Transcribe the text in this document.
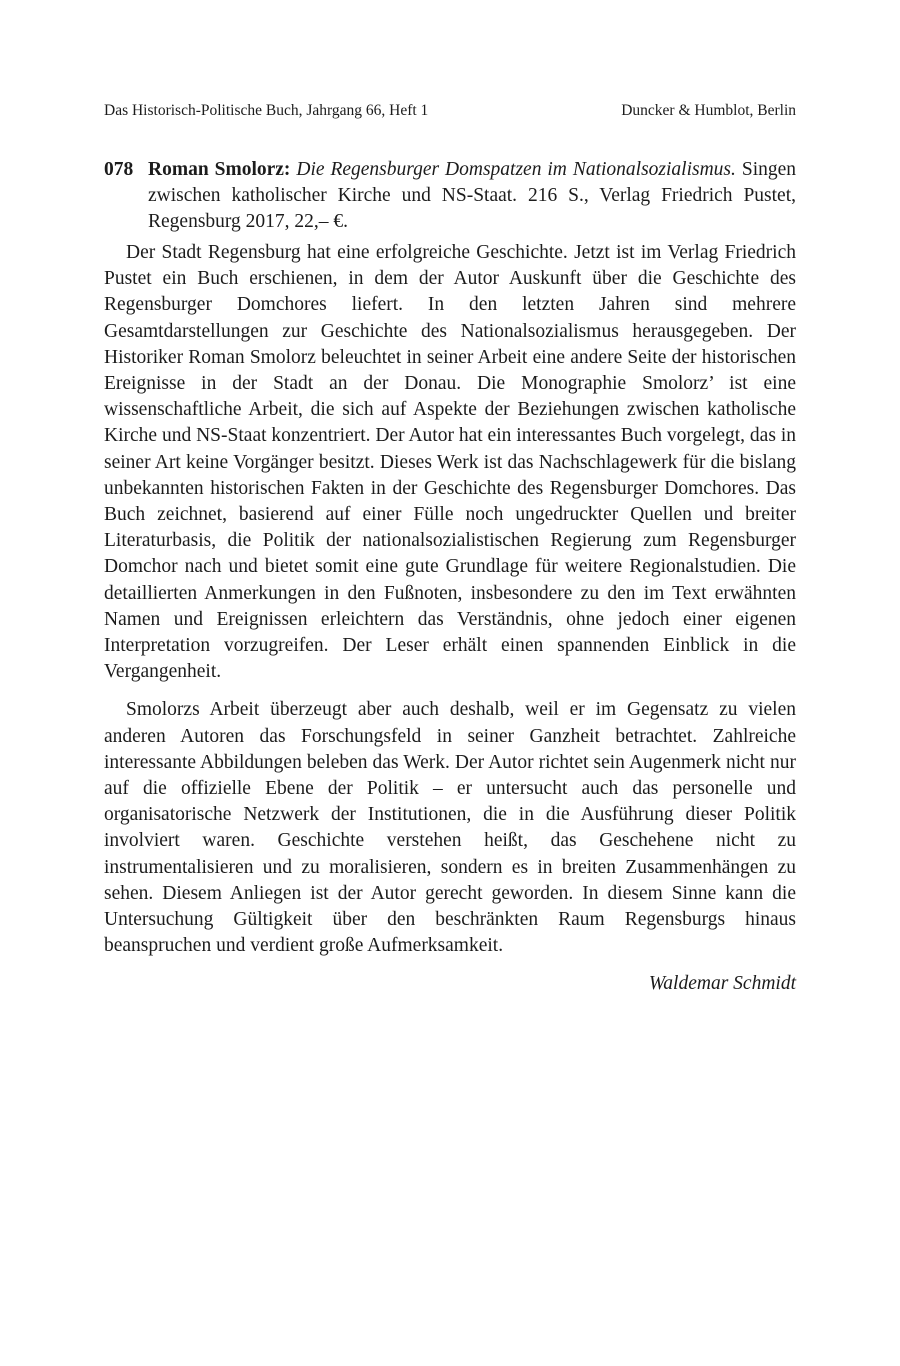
Das Historisch-Politische Buch, Jahrgang 66, Heft 1	Duncker & Humblot, Berlin
078 Roman Smolorz: Die Regensburger Domspatzen im Nationalsozialismus. Singen zwischen katholischer Kirche und NS-Staat. 216 S., Verlag Friedrich Pustet, Regensburg 2017, 22,– €.

Der Stadt Regensburg hat eine erfolgreiche Geschichte. Jetzt ist im Verlag Friedrich Pustet ein Buch erschienen, in dem der Autor Auskunft über die Geschichte des Regensburger Domchores liefert. In den letzten Jahren sind mehrere Gesamtdarstellungen zur Geschichte des Nationalsozialismus herausgegeben. Der Historiker Roman Smolorz beleuchtet in seiner Arbeit eine andere Seite der historischen Ereignisse in der Stadt an der Donau. Die Monographie Smolorz’ ist eine wissenschaftliche Arbeit, die sich auf Aspekte der Beziehungen zwischen katholische Kirche und NS-Staat konzentriert. Der Autor hat ein interessantes Buch vorgelegt, das in seiner Art keine Vorgänger besitzt. Dieses Werk ist das Nachschlagewerk für die bislang unbekannten historischen Fakten in der Geschichte des Regensburger Domchores. Das Buch zeichnet, basierend auf einer Fülle noch ungedruckter Quellen und breiter Literaturbasis, die Politik der nationalsozialistischen Regierung zum Regensburger Domchor nach und bietet somit eine gute Grundlage für weitere Regionalstudien. Die detaillierten Anmerkungen in den Fußnoten, insbesondere zu den im Text erwähnten Namen und Ereignissen erleichtern das Verständnis, ohne jedoch einer eigenen Interpretation vorzugreifen. Der Leser erhält einen spannenden Einblick in die Vergangenheit.

Smolorzs Arbeit überzeugt aber auch deshalb, weil er im Gegensatz zu vielen anderen Autoren das Forschungsfeld in seiner Ganzheit betrachtet. Zahlreiche interessante Abbildungen beleben das Werk. Der Autor richtet sein Augenmerk nicht nur auf die offizielle Ebene der Politik – er untersucht auch das personelle und organisatorische Netzwerk der Institutionen, die in die Ausführung dieser Politik involviert waren. Geschichte verstehen heißt, das Geschehene nicht zu instrumentalisieren und zu moralisieren, sondern es in breiten Zusammenhängen zu sehen. Diesem Anliegen ist der Autor gerecht geworden. In diesem Sinne kann die Untersuchung Gültigkeit über den beschränkten Raum Regensburgs hinaus beanspruchen und verdient große Aufmerksamkeit.

Waldemar Schmidt
